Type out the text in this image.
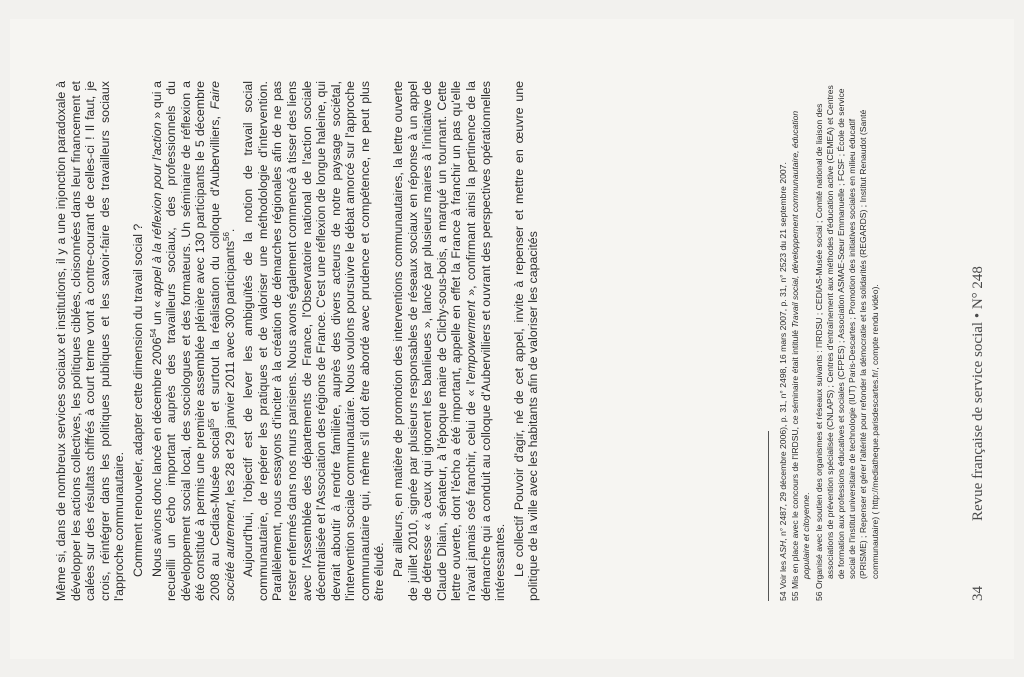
Même si, dans de nombreux services sociaux et institutions, il y a une injonction paradoxale à développer les actions collectives, les politiques ciblées, cloisonnées dans leur financement et calées sur des résultats chiffrés à court terme vont à contre-courant de celles-ci ! Il faut, je crois, réintégrer dans les politiques publiques et les savoir-faire des travailleurs sociaux l'approche communautaire. Comment renouveler, adapter cette dimension du travail social ? Nous avions donc lancé en décembre 2006$^{54}$ un « appel à la réflexion pour l'action » qui a recueilli un écho important auprès des travailleurs sociaux, des professionnels du développement social local, des sociologues et des formateurs. Un séminaire de réflexion a été constitué à permis une première assemblée plénière avec 130 participants le 5 décembre 2008 au Cedias-Musée social$^{55}$ et surtout la réalisation du colloque d'Aubervilliers, Faire société autrement, les 28 et 29 janvier 2011 avec 300 participants$^{56}$. Aujourd'hui, l'objectif est de lever les ambiguïtés de la notion de travail social communautaire, de repérer les pratiques et de valoriser une méthodologie d'intervention. Parallèlement, nous essayons d'inciter à la création de démarches régionales afin de ne pas rester enfermés dans nos murs parisiens. Nous avons également commencé à tisser des liens avec l'Assemblée des départements de France, l'Observatoire national de l'action sociale décentralisée et l'Association des régions de France. C'est une réflexion de longue haleine, qui devrait aboutir à rendre familière, auprès des divers acteurs de notre paysage sociétal, l'intervention sociale communautaire. Nous voulons poursuivre le débat amorcé sur l'approche communautaire qui, même s'il doit être abordé avec prudence et compétence, ne peut plus être éludé. Par ailleurs, en matière de promotion des interventions communautaires, la lettre ouverte de juillet 2010, signée par plusieurs responsables de réseaux sociaux en réponse à un appel de détresse « à ceux qui ignorent les banlieues », lancé par plusieurs maires à l'initiative de Claude Dilain, sénateur, à l'époque maire de Clichy-sous-bois, a marqué un tournant. Cette lettre ouverte, dont l'écho a été important, appelle en effet la France à franchir un pas qu'elle n'avait jamais osé franchir, celui de « l'empowerment », confirmant ainsi la pertinence de la démarche qui a conduit au colloque d'Aubervilliers et ouvrant des perspectives opérationnelles intéressantes. Le collectif Pouvoir d'agir, né de cet appel, invite à repenser et mettre en œuvre une politique de la ville avec les habitants afin de valoriser les capacités	54 Voir les ASH, n° 2487, 29 décembre 2006), p. 31, n° 2498, 16 mars 2007, p. 31, n° 2523 du 21 septembre 2007. 55 Mis en place avec le concours de l'IRDSU, ce séminaire était intitulé Travail social, développement communautaire, éducation populaire et citoyenne. 56 Organisé avec le soutien des organismes et réseaux suivants : l'IRDSU ; CEDIAS-Musée social ; Comité national de liaison des associations de prévention spécialisée (CNLAPS) ; Centres d'entraînement aux méthodes d'éducation active (CEMEA) et Centres de formation aux professions éducatives et sociales (CFPES) ; Association ASMAE-Sœur Emmanuelle ; FCSF ; École de service social de l'institut universitaire de technologie (IUT) Paris-Descartes ; Promotion des initiatives sociales en milieu éducatif (PRISME) ; Repenser et gérer l'altérité pour refonder la démocratie et les solidarités (REGARDS) ; Institut Renaudot (Santé communautaire) ( http://mediatheque.parisdescartes.fr/, compte rendu vidéo).
34
Revue française de service social • N° 248
